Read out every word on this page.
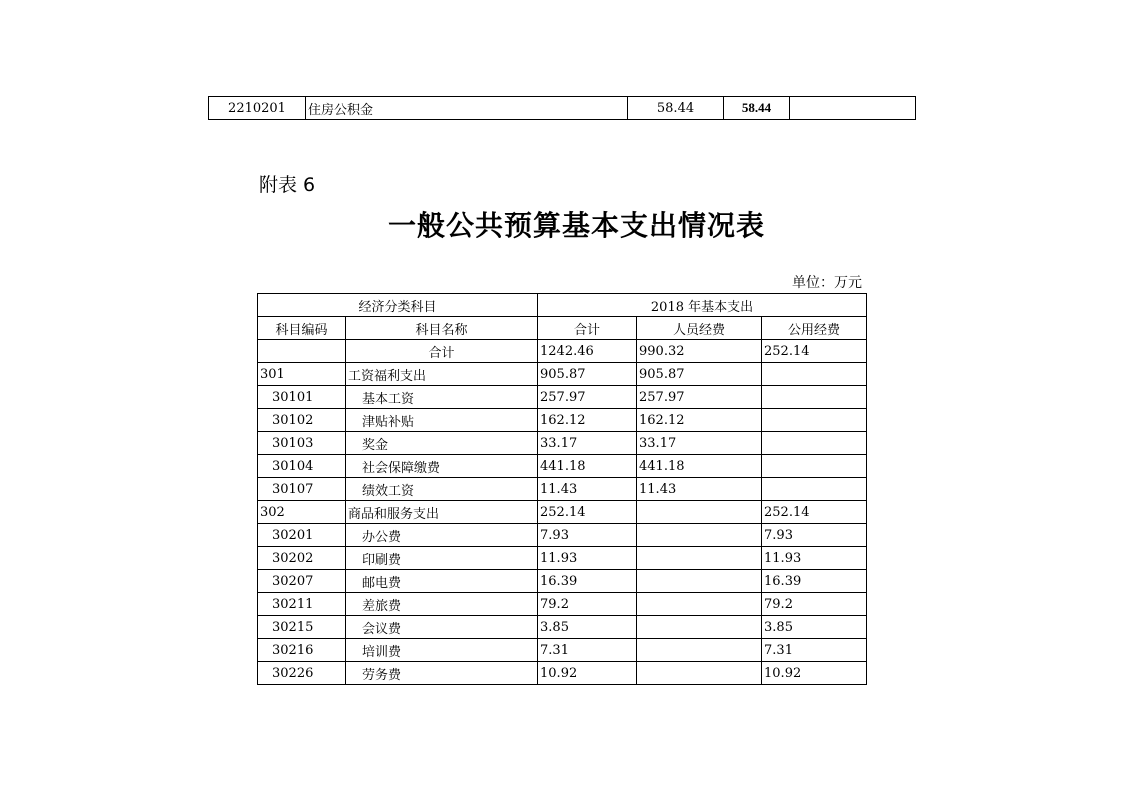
2210201	住房公积金	58.44	58.44	
附表 6
一般公共预算基本支出情况表
单位：万元
经济分类科目		2018 年基本支出		
科目编码	科目名称	合计	人员经费	公用经费
	合计	1242.46	990.32	252.14
301	工资福利支出	905.87	905.87	
30101	基本工资	257.97	257.97	
30102	津贴补贴	162.12	162.12	
30103	奖金	33.17	33.17	
30104	社会保障缴费	441.18	441.18	
30107	绩效工资	11.43	11.43	
302	商品和服务支出	252.14		252.14
30201	办公费	7.93		7.93
30202	印刷费	11.93		11.93
30207	邮电费	16.39		16.39
30211	差旅费	79.2		79.2
30215	会议费	3.85		3.85
30216	培训费	7.31		7.31
30226	劳务费	10.92		10.92
